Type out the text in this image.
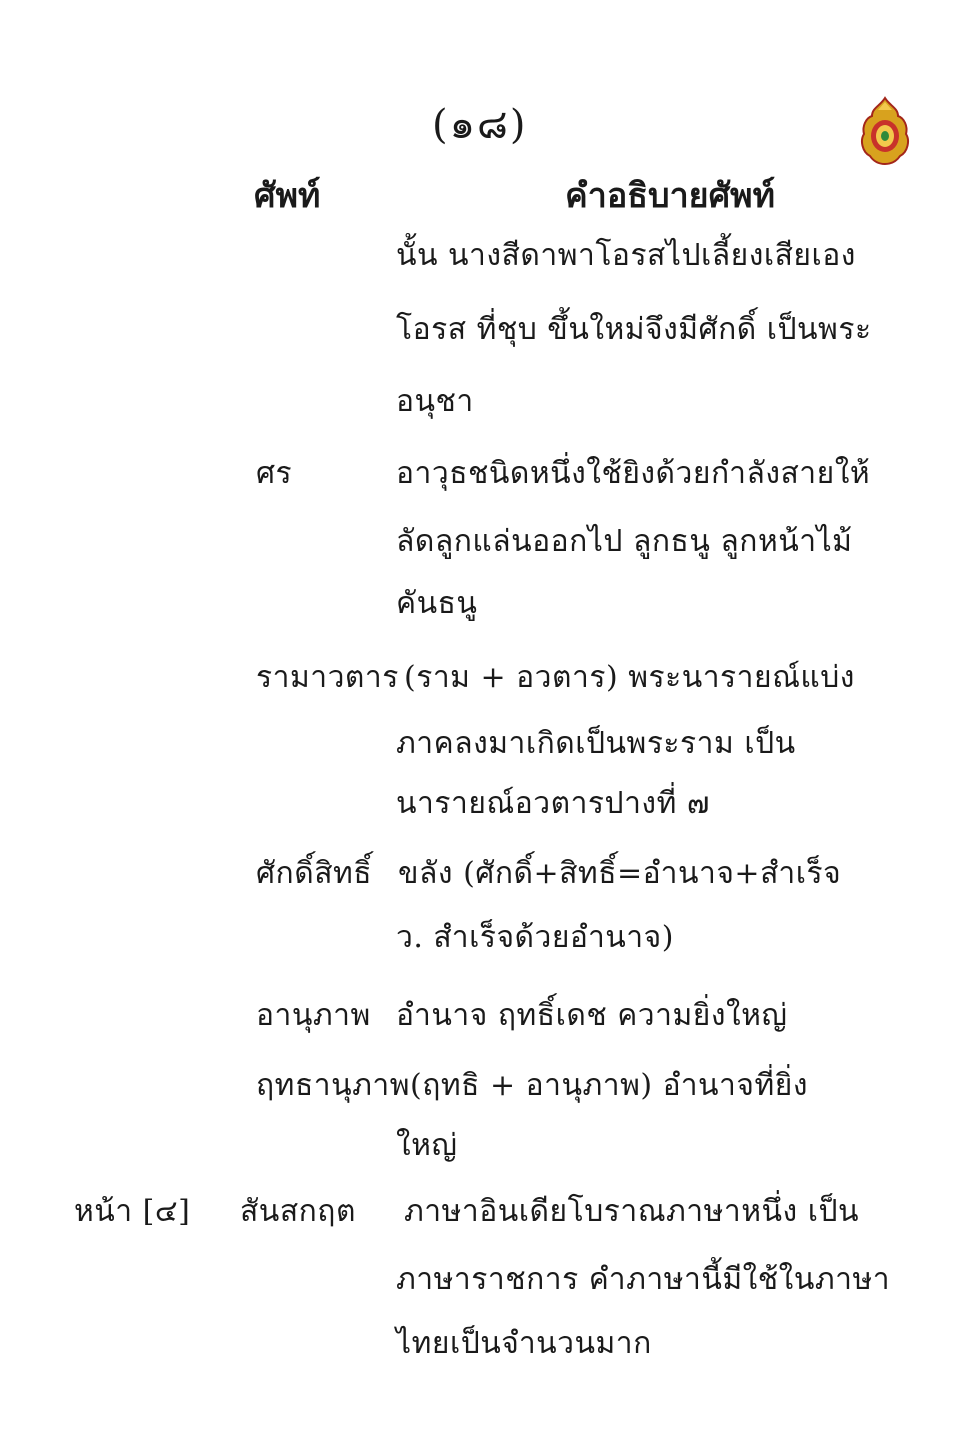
(๑๘)
ศัพท์	คำอธิบายศัพท์
นั้น นางสีดาพาโอรสไปเลี้ยงเสียเอง
โอรส ที่ชุบ ขึ้นใหม่จึงมีศักดิ์ เป็นพระ
อนุชา
ศร	อาวุธชนิดหนึ่งใช้ยิงด้วยกำลังสายให้
ลัดลูกแล่นออกไป ลูกธนู ลูกหน้าไม้
คันธนู
รามาวตาร (ราม + อวตาร) พระนารายณ์แบ่ง
ภาคลงมาเกิดเป็นพระราม เป็น
นารายณ์อวตารปางที่ ๗
ศักดิ์สิทธิ์ ขลัง (ศักดิ์+สิทธิ์=อำนาจ+สำเร็จ
ว. สำเร็จด้วยอำนาจ)
อานุภาพ อำนาจ ฤทธิ์เดช ความยิ่งใหญ่
ฤทธานุภาพ (ฤทธิ + อานุภาพ) อำนาจที่ยิ่ง
ใหญ่
หน้า [๔] สันสกฤต ภาษาอินเดียโบราณภาษาหนึ่ง เป็น
ภาษาราชการ คำภาษานี้มีใช้ในภาษา
ไทยเป็นจำนวนมาก
